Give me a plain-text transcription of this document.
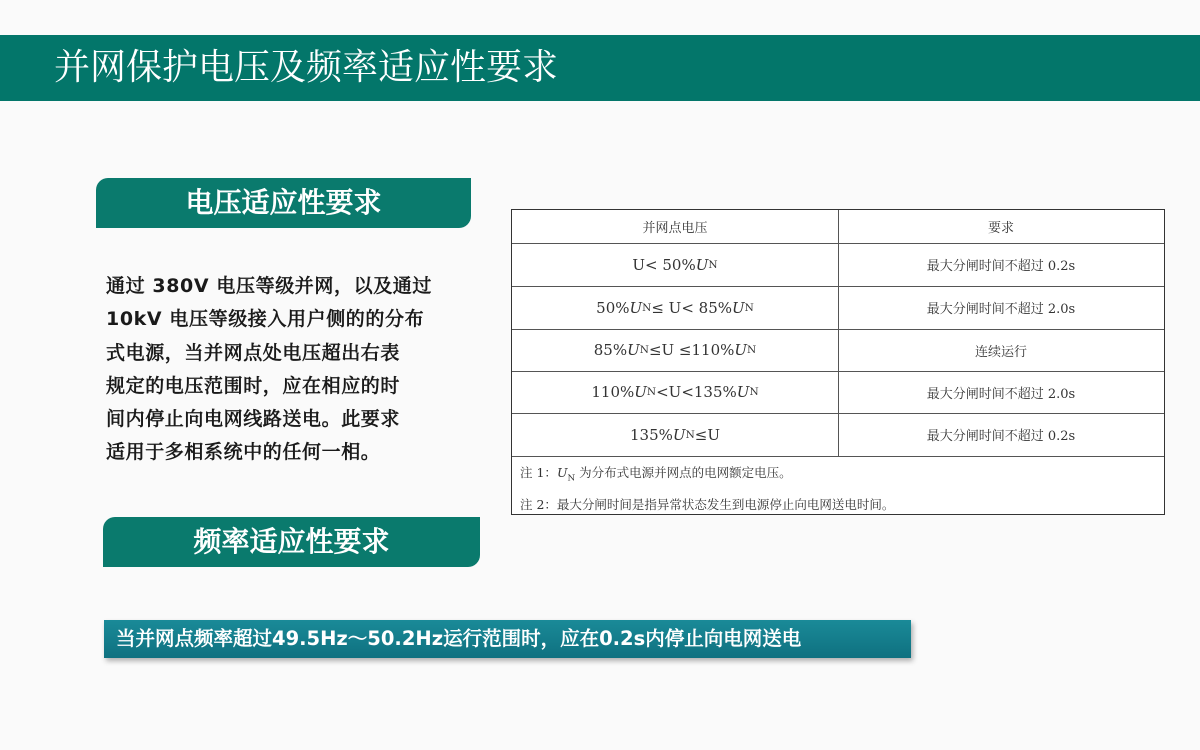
并网保护电压及频率适应性要求
电压适应性要求
通过 380V 电压等级并网，以及通过
10kV 电压等级接入用户侧的的分布
式电源，当并网点处电压超出右表
规定的电压范围时，应在相应的时
间内停止向电网线路送电。此要求
适用于多相系统中的任何一相。
频率适应性要求
当并网点频率超过49.5Hz～50.2Hz运行范围时，应在0.2s内停止向电网送电
并网点电压	要求
U< 50% U N	最大分闸时间不超过 0.2s
50% U N ≤ U< 85% U N	最大分闸时间不超过 2.0s
85% U N ≤U ≤110% U N	连续运行
110% U N <U<135% U N	最大分闸时间不超过 2.0s
135% U N ≤U	最大分闸时间不超过 0.2s
注 1：$U_N$ 为分布式电源并网点的电网额定电压。
注 2：最大分闸时间是指异常状态发生到电源停止向电网送电时间。
